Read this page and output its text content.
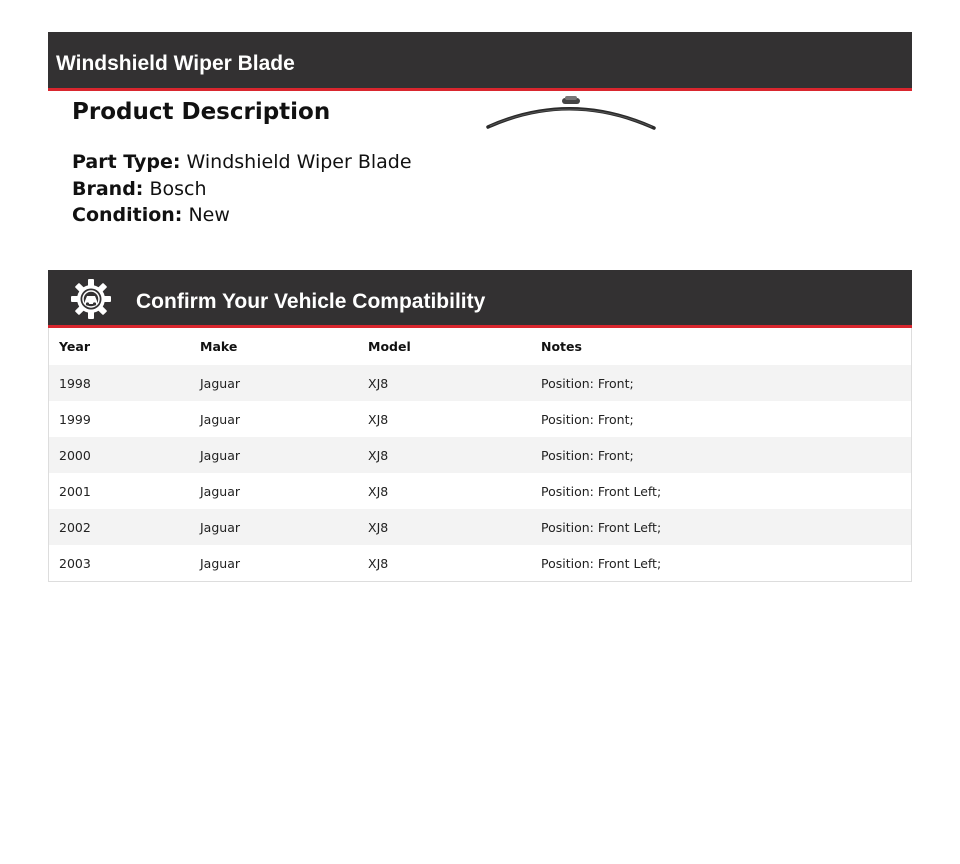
Windshield Wiper Blade
Product Description
Part Type: Windshield Wiper Blade
Brand: Bosch
Condition: New
Confirm Your Vehicle Compatibility
Year	Make	Model	Notes
1998	Jaguar	XJ8	Position: Front;
1999	Jaguar	XJ8	Position: Front;
2000	Jaguar	XJ8	Position: Front;
2001	Jaguar	XJ8	Position: Front Left;
2002	Jaguar	XJ8	Position: Front Left;
2003	Jaguar	XJ8	Position: Front Left;
